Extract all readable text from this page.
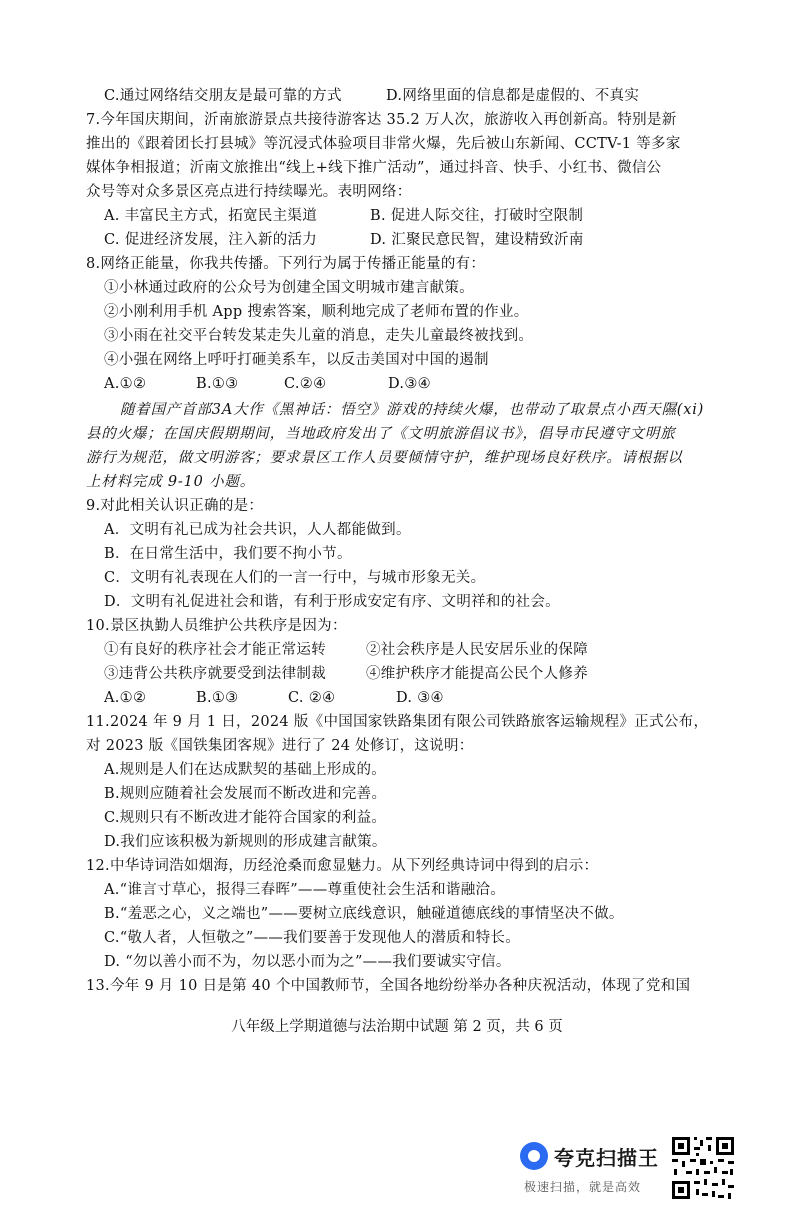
C.通过网络结交朋友是最可靠的方式	D.网络里面的信息都是虚假的、不真实
7.今年国庆期间，沂南旅游景点共接待游客达 35.2 万人次，旅游收入再创新高。特别是新
推出的《跟着团长打县城》等沉浸式体验项目非常火爆，先后被山东新闻、CCTV-1 等多家
媒体争相报道；沂南文旅推出“线上+线下推广活动”，通过抖音、快手、小红书、微信公
众号等对众多景区亮点进行持续曝光。表明网络：
A. 丰富民主方式，拓宽民主渠道	B. 促进人际交往，打破时空限制
C. 促进经济发展，注入新的活力	D. 汇聚民意民智，建设精致沂南
8.网络正能量，你我共传播。下列行为属于传播正能量的有：
①小林通过政府的公众号为创建全国文明城市建言献策。
②小刚利用手机 App 搜索答案，顺利地完成了老师布置的作业。
③小雨在社交平台转发某走失儿童的消息，走失儿童最终被找到。
④小强在网络上呼吁打砸美系车，以反击美国对中国的遏制
A.①②	B.①③	C.②④	D.③④
随着国产首部3A大作《黑神话：悟空》游戏的持续火爆，也带动了取景点小西天隰(xi)
县的火爆；在国庆假期期间，当地政府发出了《文明旅游倡议书》，倡导市民遵守文明旅
游行为规范，做文明游客；要求景区工作人员要倾情守护，维护现场良好秩序。请根据以
上材料完成 9-10 小题。
9.对此相关认识正确的是：
A．文明有礼已成为社会共识，人人都能做到。
B．在日常生活中，我们要不拘小节。
C．文明有礼表现在人们的一言一行中，与城市形象无关。
D．文明有礼促进社会和谐，有利于形成安定有序、文明祥和的社会。
10.景区执勤人员维护公共秩序是因为：
①有良好的秩序社会才能正常运转	②社会秩序是人民安居乐业的保障
③违背公共秩序就要受到法律制裁	④维护秩序才能提高公民个人修养
A.①②	B.①③	C. ②④	D. ③④
11.2024 年 9 月 1 日，2024 版《中国国家铁路集团有限公司铁路旅客运输规程》正式公布，
对 2023 版《国铁集团客规》进行了 24 处修订，这说明：
A.规则是人们在达成默契的基础上形成的。
B.规则应随着社会发展而不断改进和完善。
C.规则只有不断改进才能符合国家的利益。
D.我们应该积极为新规则的形成建言献策。
12.中华诗词浩如烟海，历经沧桑而愈显魅力。从下列经典诗词中得到的启示：
A.“谁言寸草心，报得三春晖”——尊重使社会生活和谐融洽。
B.“羞恶之心，义之端也”——要树立底线意识，触碰道德底线的事情坚决不做。
C.“敬人者，人恒敬之”——我们要善于发现他人的潜质和特长。
D. “勿以善小而不为，勿以恶小而为之”——我们要诚实守信。
13.今年 9 月 10 日是第 40 个中国教师节，全国各地纷纷举办各种庆祝活动，体现了党和国
八年级上学期道德与法治期中试题 第 2 页，共 6 页
夸克扫描王
极速扫描，就是高效
